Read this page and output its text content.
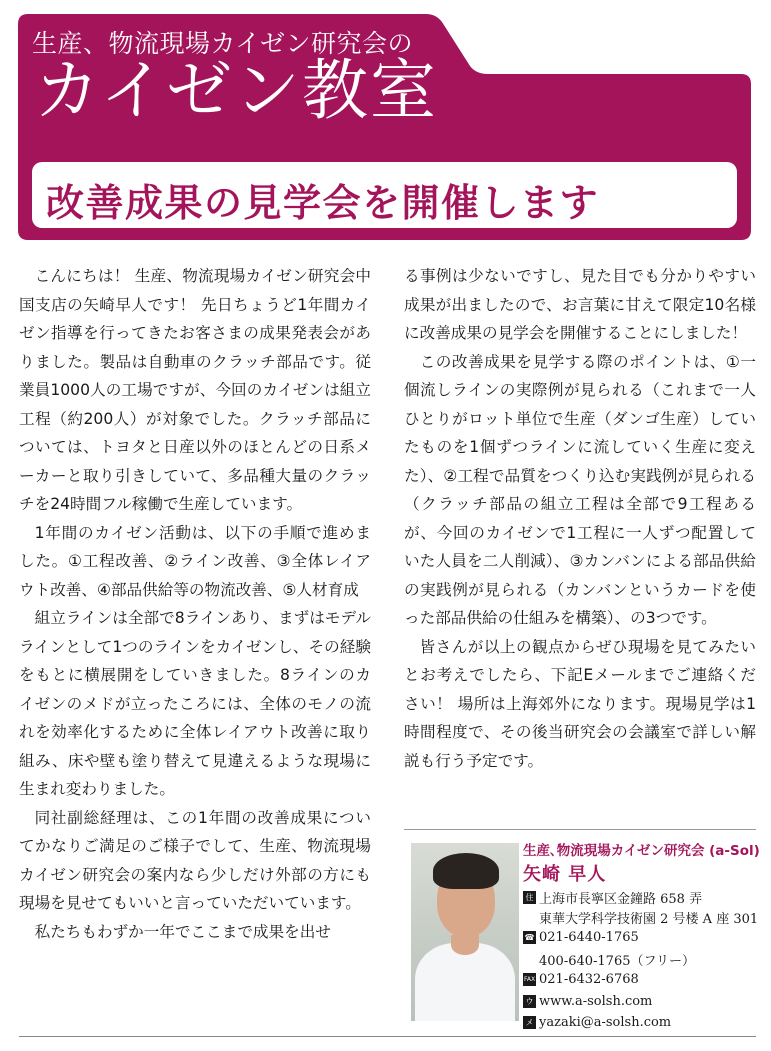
生産、物流現場カイゼン研究会の
カイゼン教室
改善成果の見学会を開催します

こんにちは！ 生産、物流現場カイゼン研究会中国支店の矢崎早人です！ 先日ちょうど1年間カイゼン指導を行ってきたお客さまの成果発表会がありました。製品は自動車のクラッチ部品です。従業員1000人の工場ですが、今回のカイゼンは組立工程（約200人）が対象でした。クラッチ部品については、トヨタと日産以外のほとんどの日系メーカーと取り引きしていて、多品種大量のクラッチを24時間フル稼働で生産しています。

1年間のカイゼン活動は、以下の手順で進めました。①工程改善、②ライン改善、③全体レイアウト改善、④部品供給等の物流改善、⑤人材育成

組立ラインは全部で8ラインあり、まずはモデルラインとして1つのラインをカイゼンし、その経験をもとに横展開をしていきました。8ラインのカイゼンのメドが立ったころには、全体のモノの流れを効率化するために全体レイアウト改善に取り組み、床や壁も塗り替えて見違えるような現場に生まれ変わりました。

同社副総経理は、この1年間の改善成果についてかなりご満足のご様子でして、生産、物流現場カイゼン研究会の案内なら少しだけ外部の方にも現場を見せてもいいと言っていただいています。

私たちもわずか一年でここまで成果を出せ

る事例は少ないですし、見た目でも分かりやすい成果が出ましたので、お言葉に甘えて限定10名様に改善成果の見学会を開催することにしました！

この改善成果を見学する際のポイントは、①一個流しラインの実際例が見られる（これまで一人ひとりがロット単位で生産（ダンゴ生産）していたものを1個ずつラインに流していく生産に変えた）、②工程で品質をつくり込む実践例が見られる（クラッチ部品の組立工程は全部で9工程あるが、今回のカイゼンで1工程に一人ずつ配置していた人員を二人削減）、③カンバンによる部品供給の実践例が見られる（カンバンというカードを使った部品供給の仕組みを構築）、の3つです。

皆さんが以上の観点からぜひ現場を見てみたいとお考えでしたら、下記Eメールまでご連絡ください！ 場所は上海郊外になります。現場見学は1時間程度で、その後当研究会の会議室で詳しい解説も行う予定です。

生産､物流現場カイゼン研究会 (a-Sol)
矢崎 早人
住 上海市長寧区金鐘路 658 弄
東華大学科学技術園 2 号楼 A 座 301
☎ 021-6440-1765
400-640-1765（フリー）
FAX 021-6432-6768
ウ www.a-solsh.com
メ yazaki@a-solsh.com
